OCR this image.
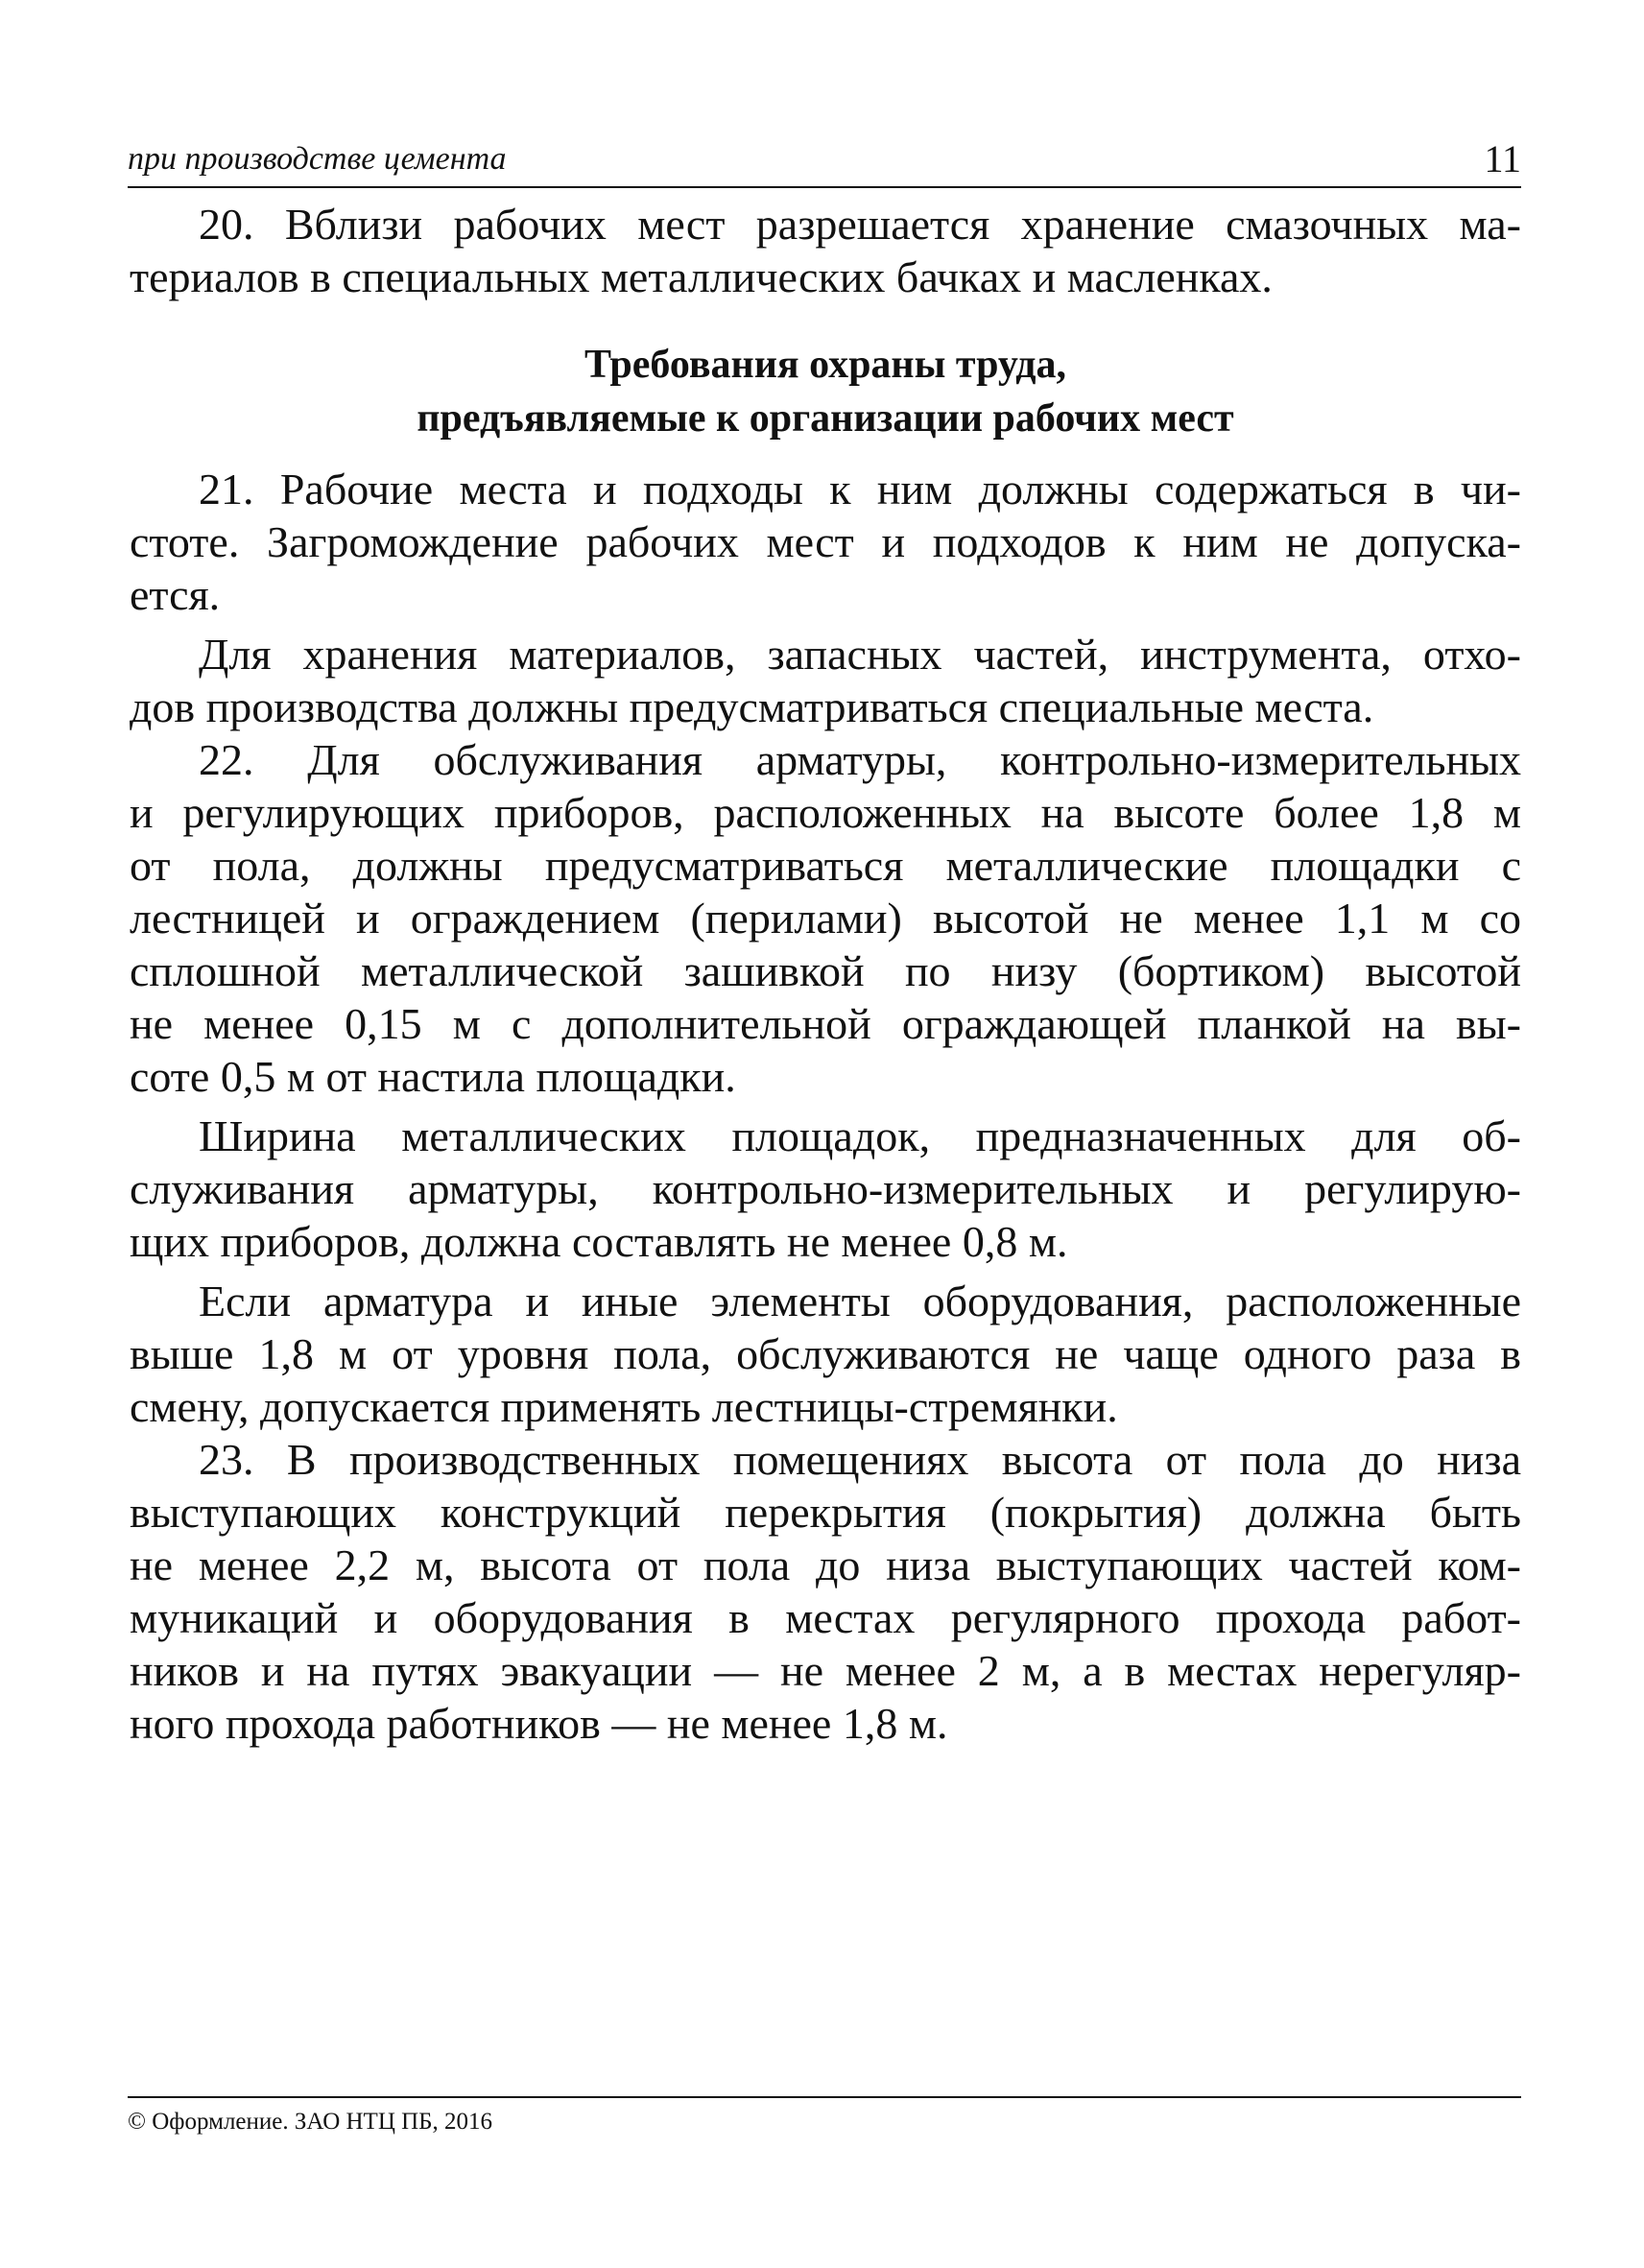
при производстве цемента	11
20. Вблизи рабочих мест разрешается хранение смазочных ма-
териалов в специальных металлических бачках и масленках.
Требования охраны труда,
предъявляемые к организации рабочих мест
21. Рабочие места и подходы к ним должны содержаться в чи-
стоте. Загромождение рабочих мест и подходов к ним не допуска-
ется.
Для хранения материалов, запасных частей, инструмента, отхо-
дов производства должны предусматриваться специальные места.
22. Для обслуживания арматуры, контрольно-измерительных
и регулирующих приборов, расположенных на высоте более 1,8 м
от пола, должны предусматриваться металлические площадки с
лестницей и ограждением (перилами) высотой не менее 1,1 м со
сплошной металлической зашивкой по низу (бортиком) высотой
не менее 0,15 м с дополнительной ограждающей планкой на вы-
соте 0,5 м от настила площадки.
Ширина металлических площадок, предназначенных для об-
служивания арматуры, контрольно-измерительных и регулирую-
щих приборов, должна составлять не менее 0,8 м.
Если арматура и иные элементы оборудования, расположенные
выше 1,8 м от уровня пола, обслуживаются не чаще одного раза в
смену, допускается применять лестницы-стремянки.
23. В производственных помещениях высота от пола до низа
выступающих конструкций перекрытия (покрытия) должна быть
не менее 2,2 м, высота от пола до низа выступающих частей ком-
муникаций и оборудования в местах регулярного прохода работ-
ников и на путях эвакуации — не менее 2 м, а в местах нерегуляр-
ного прохода работников — не менее 1,8 м.
© Оформление. ЗАО НТЦ ПБ, 2016
